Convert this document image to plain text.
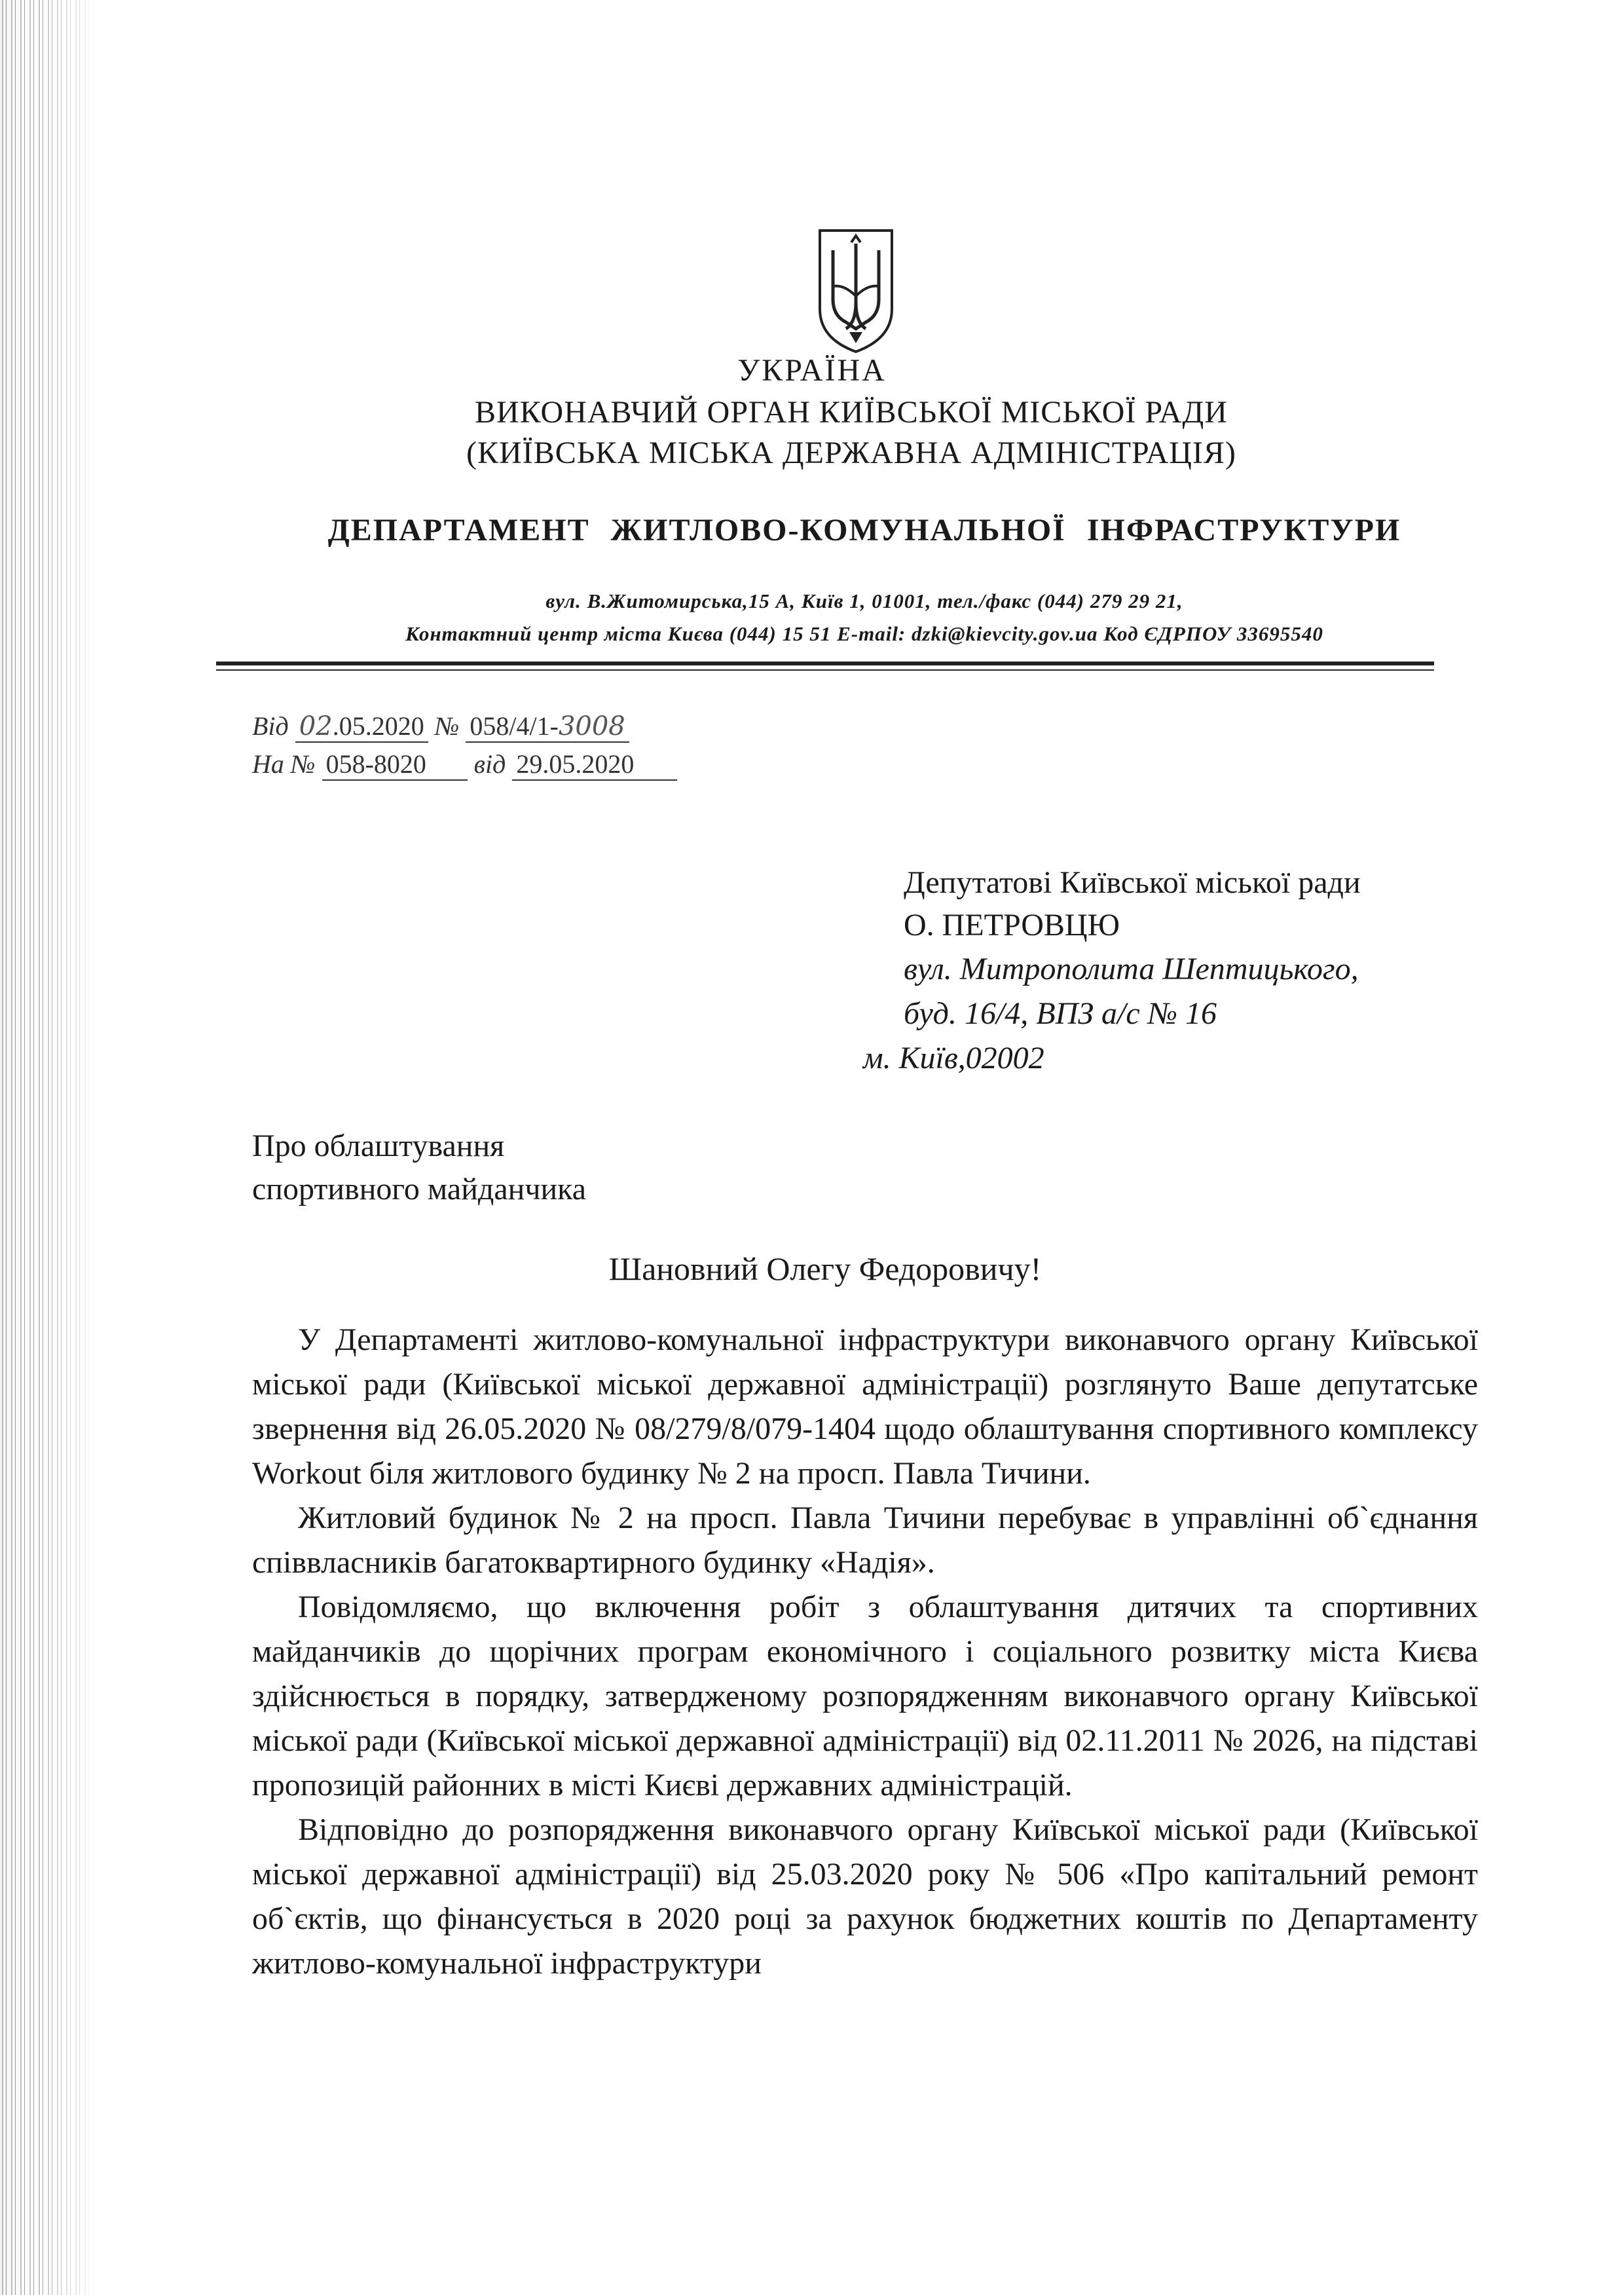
УКРАЇНА
ВИКОНАВЧИЙ ОРГАН КИЇВСЬКОЇ МІСЬКОЇ РАДИ
(КИЇВСЬКА МІСЬКА ДЕРЖАВНА АДМІНІСТРАЦІЯ)
ДЕПАРТАМЕНТ ЖИТЛОВО-КОМУНАЛЬНОЇ ІНФРАСТРУКТУРИ
вул. В.Житомирська,15 А, Київ 1, 01001, тел./факс (044) 279 29 21,
Контактний центр міста Києва (044) 15 51 E-mail: dzki@kievcity.gov.ua Код ЄДРПОУ 33695540
Від 02.05.2020 № 058/4/1-3008
На № 058-8020 від 29.05.2020
Депутатові Київської міської ради
О. ПЕТРОВЦЮ
вул. Митрополита Шептицького,
буд. 16/4, ВПЗ а/с № 16
м. Київ,02002
Про облаштування
спортивного майданчика
Шановний Олегу Федоровичу!

У Департаменті житлово-комунальної інфраструктури виконавчого органу Київської міської ради (Київської міської державної адміністрації) розглянуто Ваше депутатське звернення від 26.05.2020 № 08/279/8/079-1404 щодо облаштування спортивного комплексу Workout біля житлового будинку № 2 на просп. Павла Тичини.

Житловий будинок № 2 на просп. Павла Тичини перебуває в управлінні об`єднання співвласників багатоквартирного будинку «Надія».

Повідомляємо, що включення робіт з облаштування дитячих та спортивних майданчиків до щорічних програм економічного і соціального розвитку міста Києва здійснюється в порядку, затвердженому розпорядженням виконавчого органу Київської міської ради (Київської міської державної адміністрації) від 02.11.2011 № 2026, на підставі пропозицій районних в місті Києві державних адміністрацій.

Відповідно до розпорядження виконавчого органу Київської міської ради (Київської міської державної адміністрації) від 25.03.2020 року № 506 «Про капітальний ремонт об`єктів, що фінансується в 2020 році за рахунок бюджетних коштів по Департаменту житлово-комунальної інфраструктури
